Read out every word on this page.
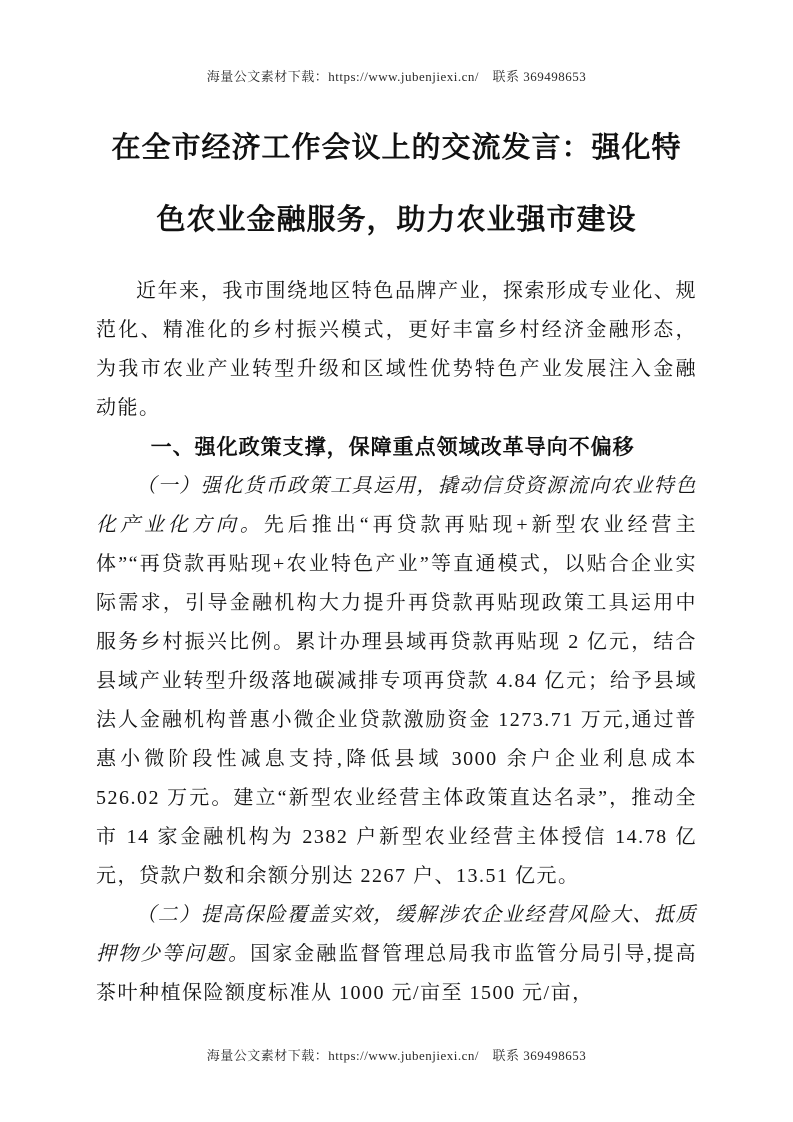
海量公文素材下载：https://www.jubenjiexi.cn/　联系 369498653
在全市经济工作会议上的交流发言：强化特
色农业金融服务，助力农业强市建设

近年来，我市围绕地区特色品牌产业，探索形成专业化、规范化、精准化的乡村振兴模式，更好丰富乡村经济金融形态，为我市农业产业转型升级和区域性优势特色产业发展注入金融动能。

一、强化政策支撑，保障重点领域改革导向不偏移

（一）强化货币政策工具运用，撬动信贷资源流向农业特色化产业化方向。先后推出“再贷款再贴现+新型农业经营主体”“再贷款再贴现+农业特色产业”等直通模式，以贴合企业实际需求，引导金融机构大力提升再贷款再贴现政策工具运用中服务乡村振兴比例。累计办理县域再贷款再贴现 2 亿元，结合县域产业转型升级落地碳减排专项再贷款 4.84 亿元；给予县域法人金融机构普惠小微企业贷款激励资金 1273.71 万元,通过普惠小微阶段性减息支持,降低县域 3000 余户企业利息成本 526.02 万元。建立“新型农业经营主体政策直达名录”，推动全市 14 家金融机构为 2382 户新型农业经营主体授信 14.78 亿元，贷款户数和余额分别达 2267 户、13.51 亿元。

（二）提高保险覆盖实效，缓解涉农企业经营风险大、抵质押物少等问题。国家金融监督管理总局我市监管分局引导,提高茶叶种植保险额度标准从 1000 元/亩至 1500 元/亩，

海量公文素材下载：https://www.jubenjiexi.cn/　联系 369498653
